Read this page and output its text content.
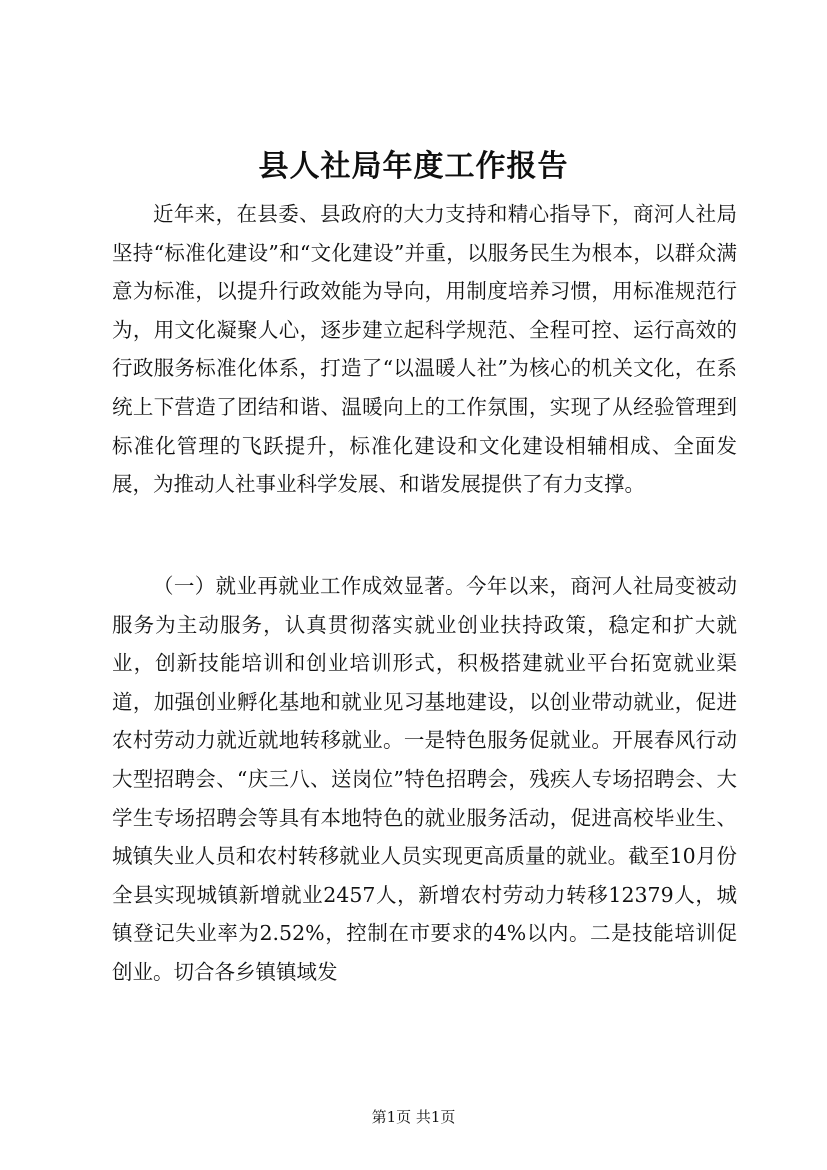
县人社局年度工作报告

近年来，在县委、县政府的大力支持和精心指导下，商河人社局坚持“标准化建设”和“文化建设”并重，以服务民生为根本，以群众满意为标准，以提升行政效能为导向，用制度培养习惯，用标准规范行为，用文化凝聚人心，逐步建立起科学规范、全程可控、运行高效的行政服务标准化体系，打造了“以温暖人社”为核心的机关文化，在系统上下营造了团结和谐、温暖向上的工作氛围，实现了从经验管理到标准化管理的飞跃提升，标准化建设和文化建设相辅相成、全面发展，为推动人社事业科学发展、和谐发展提供了有力支撑。

（一）就业再就业工作成效显著。今年以来，商河人社局变被动服务为主动服务，认真贯彻落实就业创业扶持政策，稳定和扩大就业，创新技能培训和创业培训形式，积极搭建就业平台拓宽就业渠道，加强创业孵化基地和就业见习基地建设，以创业带动就业，促进农村劳动力就近就地转移就业。一是特色服务促就业。开展春风行动大型招聘会、“庆三八、送岗位”特色招聘会，残疾人专场招聘会、大学生专场招聘会等具有本地特色的就业服务活动，促进高校毕业生、城镇失业人员和农村转移就业人员实现更高质量的就业。截至10月份全县实现城镇新增就业2457人，新增农村劳动力转移12379人，城镇登记失业率为2.52%，控制在市要求的4%以内。二是技能培训促创业。切合各乡镇镇域发

第1页 共1页
